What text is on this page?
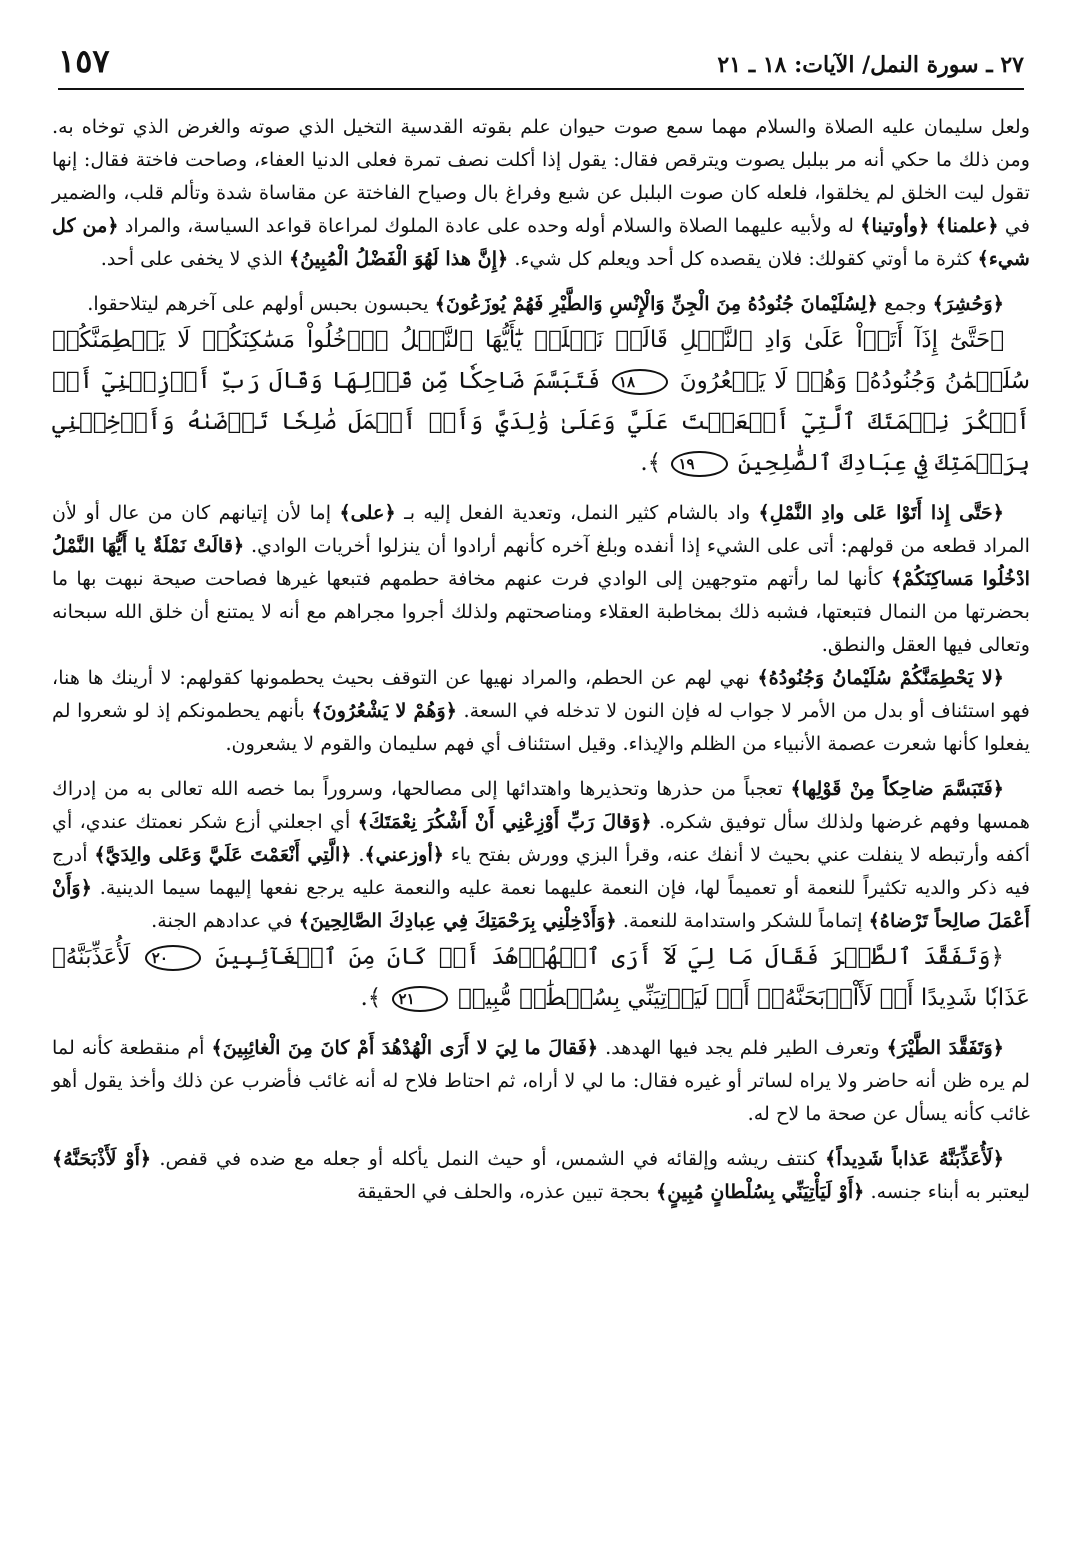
١٥٧	٢٧ ـ سورة النمل/ الآيات: ١٨ ـ ٢١

ولعل سليمان عليه الصلاة والسلام مهما سمع صوت حيوان علم بقوته القدسية التخيل الذي صوته والغرض الذي توخاه به. ومن ذلك ما حكي أنه مر ببلبل يصوت ويترقص فقال: يقول إذا أكلت نصف تمرة فعلى الدنيا العفاء، وصاحت فاختة فقال: إنها تقول ليت الخلق لم يخلقوا، فلعله كان صوت البلبل عن شبع وفراغ بال وصياح الفاختة عن مقاساة شدة وتألم قلب، والضمير في ﴿علمنا﴾ ﴿وأوتينا﴾ له ولأبيه عليهما الصلاة والسلام أوله وحده على عادة الملوك لمراعاة قواعد السياسة، والمراد ﴿من كل شيء﴾ كثرة ما أوتي كقولك: فلان يقصده كل أحد ويعلم كل شيء. ﴿إِنَّ هذا لَهُوَ الْفَضْلُ الْمُبِينُ﴾ الذي لا يخفى على أحد.

﴿وَحُشِرَ﴾ وجمع ﴿لِسُلَيْمانَ جُنُودُهُ مِنَ الْجِنِّ وَالْإِنْسِ وَالطَّيْرِ فَهُمْ يُوزَعُونَ﴾ يحبسون بحبس أولهم على آخرهم ليتلاحقوا.

﴿حَتَّىٰٓ إِذَآ أَتَوۡاْ عَلَىٰ وَادِ ٱلنَّمۡلِ قَالَتۡ نَمۡلَةٞ يَٰٓأَيُّهَا ٱلنَّمۡلُ ٱدۡخُلُواْ مَسَٰكِنَكُمۡ لَا يَحۡطِمَنَّكُمۡ سُلَيۡمَٰنُ وَجُنُودُهُۥ وَهُمۡ لَا يَشۡعُرُونَ ١٨ فَتَبَسَّمَ ضَاحِكٗا مِّن قَوۡلِهَا وَقَالَ رَبِّ أَوۡزِعۡنِيٓ أَنۡ أَشۡكُرَ نِعۡمَتَكَ ٱلَّتِيٓ أَنۡعَمۡتَ عَلَيَّ وَعَلَىٰ وَٰلِدَيَّ وَأَنۡ أَعۡمَلَ صَٰلِحٗا تَرۡضَىٰهُ وَأَدۡخِلۡنِي بِرَحۡمَتِكَ فِي عِبَادِكَ ٱلصَّٰلِحِينَ ١٩ ﴾.

﴿حَتَّى إِذا أَتَوْا عَلى وادِ النَّمْلِ﴾ واد بالشام كثير النمل، وتعدية الفعل إليه بـ ﴿على﴾ إما لأن إتيانهم كان من عال أو لأن المراد قطعه من قولهم: أتى على الشيء إذا أنفده وبلغ آخره كأنهم أرادوا أن ينزلوا أخريات الوادي. ﴿قالَتْ نَمْلَةٌ يا أَيُّهَا النَّمْلُ ادْخُلُوا مَساكِنَكُمْ﴾ كأنها لما رأتهم متوجهين إلى الوادي فرت عنهم مخافة حطمهم فتبعها غيرها فصاحت صيحة نبهت بها ما بحضرتها من النمال فتبعتها، فشبه ذلك بمخاطبة العقلاء ومناصحتهم ولذلك أجروا مجراهم مع أنه لا يمتنع أن خلق الله سبحانه وتعالى فيها العقل والنطق.

﴿لا يَحْطِمَنَّكُمْ سُلَيْمانُ وَجُنُودُهُ﴾ نهي لهم عن الحطم، والمراد نهيها عن التوقف بحيث يحطمونها كقولهم: لا أرينك ها هنا، فهو استئناف أو بدل من الأمر لا جواب له فإن النون لا تدخله في السعة. ﴿وَهُمْ لا يَشْعُرُونَ﴾ بأنهم يحطمونكم إذ لو شعروا لم يفعلوا كأنها شعرت عصمة الأنبياء من الظلم والإيذاء. وقيل استئناف أي فهم سليمان والقوم لا يشعرون.

﴿فَتَبَسَّمَ ضاحِكاً مِنْ قَوْلِها﴾ تعجباً من حذرها وتحذيرها واهتدائها إلى مصالحها، وسروراً بما خصه الله تعالى به من إدراك همسها وفهم غرضها ولذلك سأل توفيق شكره. ﴿وَقالَ رَبِّ أَوْزِعْنِي أَنْ أَشْكُرَ نِعْمَتَكَ﴾ أي اجعلني أزع شكر نعمتك عندي، أي أكفه وأرتبطه لا ينفلت عني بحيث لا أنفك عنه، وقرأ البزي وورش بفتح ياء ﴿أوزعني﴾. ﴿الَّتِي أَنْعَمْتَ عَلَيَّ وَعَلى والِدَيَّ﴾ أدرج فيه ذكر والديه تكثيراً للنعمة أو تعميماً لها، فإن النعمة عليهما نعمة عليه والنعمة عليه يرجع نفعها إليهما سيما الدينية. ﴿وَأَنْ أَعْمَلَ صالِحاً تَرْضاهُ﴾ إتماماً للشكر واستدامة للنعمة. ﴿وَأَدْخِلْنِي بِرَحْمَتِكَ فِي عِبادِكَ الصَّالِحِينَ﴾ في عدادهم الجنة.

﴿وَتَفَقَّدَ ٱلطَّيۡرَ فَقَالَ مَا لِيَ لَآ أَرَى ٱلۡهُدۡهُدَ أَمۡ كَانَ مِنَ ٱلۡغَآئِبِينَ ٢٠ لَأُعَذِّبَنَّهُۥ عَذَابٗا شَدِيدًا أَوۡ لَأَاْذۡبَحَنَّهُۥٓ أَوۡ لَيَأۡتِيَنِّي بِسُلۡطَٰنٖ مُّبِينٖ ٢١ ﴾.

﴿وَتَفَقَّدَ الطَّيْرَ﴾ وتعرف الطير فلم يجد فيها الهدهد. ﴿فَقالَ ما لِيَ لا أَرَى الْهُدْهُدَ أَمْ كانَ مِنَ الْغائِبِينَ﴾ أم منقطعة كأنه لما لم يره ظن أنه حاضر ولا يراه لساتر أو غيره فقال: ما لي لا أراه، ثم احتاط فلاح له أنه غائب فأضرب عن ذلك وأخذ يقول أهو غائب كأنه يسأل عن صحة ما لاح له.

﴿لَأُعَذِّبَنَّهُ عَذاباً شَدِيداً﴾ كنتف ريشه وإلقائه في الشمس، أو حيث النمل يأكله أو جعله مع ضده في قفص. ﴿أَوْ لَأَذْبَحَنَّهُ﴾ ليعتبر به أبناء جنسه. ﴿أَوْ لَيَأْتِيَنِّي بِسُلْطانٍ مُبِينٍ﴾ بحجة تبين عذره، والحلف في الحقيقة
